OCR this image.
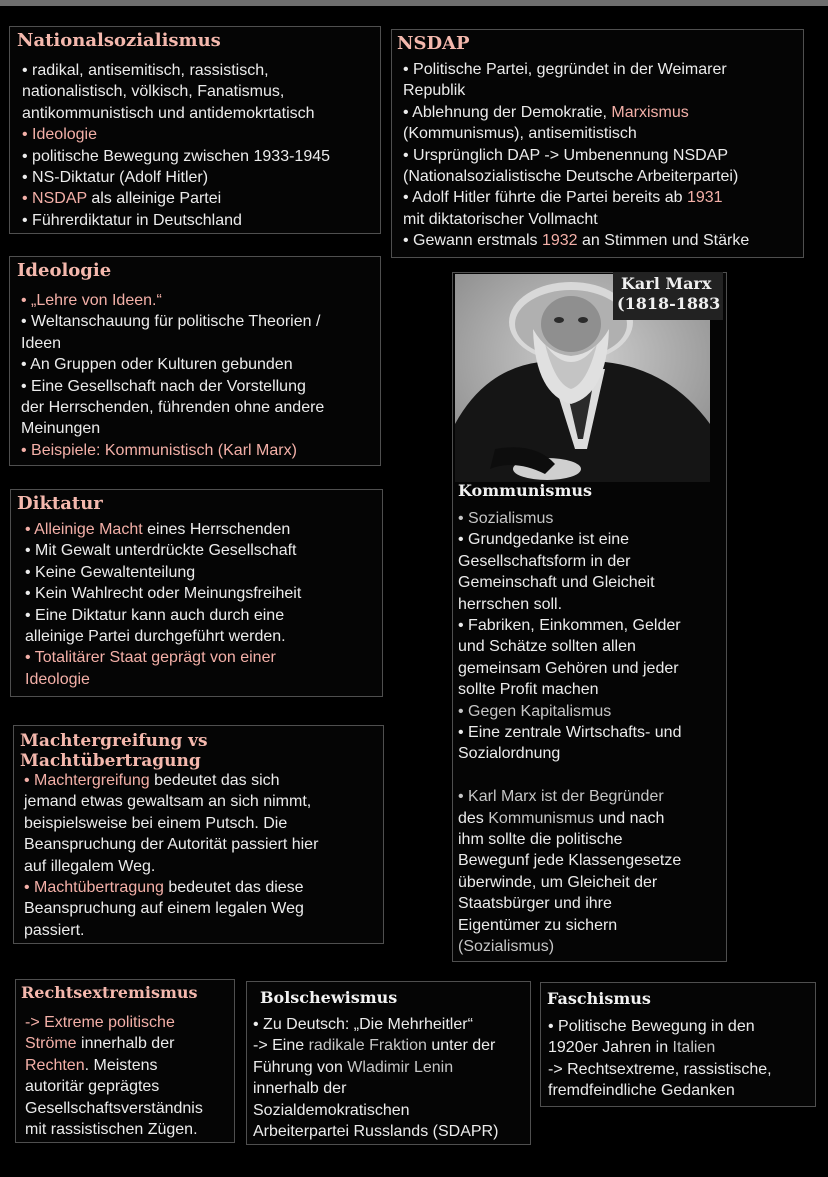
Nationalsozialismus
• radikal, antisemitisch, rassistisch,
nationalistisch, völkisch, Fanatismus,
antikommunistisch und antidemokrtatisch
• Ideologie
• politische Bewegung zwischen 1933-1945
• NS-Diktatur (Adolf Hitler)
• NSDAP als alleinige Partei
• Führerdiktatur in Deutschland
NSDAP
• Politische Partei, gegründet in der Weimarer
Republik
• Ablehnung der Demokratie, Marxismus
(Kommunismus), antisemitistisch
• Ursprünglich DAP -> Umbenennung NSDAP
(Nationalsozialistische Deutsche Arbeiterpartei)
• Adolf Hitler führte die Partei bereits ab 1931
mit diktatorischer Vollmacht
• Gewann erstmals 1932 an Stimmen und Stärke
Ideologie
• „Lehre von Ideen.“
• Weltanschauung für politische Theorien /
Ideen
• An Gruppen oder Kulturen gebunden
• Eine Gesellschaft nach der Vorstellung
der Herrschenden, führenden ohne andere
Meinungen
• Beispiele: Kommunistisch (Karl Marx)
Karl Marx
(1818-1883
Kommunismus
• Sozialismus
• Grundgedanke ist eine
Gesellschaftsform in der
Gemeinschaft und Gleicheit
herrschen soll.
• Fabriken, Einkommen, Gelder
und Schätze sollten allen
gemeinsam Gehören und jeder
sollte Profit machen
• Gegen Kapitalismus
• Eine zentrale Wirtschafts- und
Sozialordnung
• Karl Marx ist der Begründer
des Kommunismus und nach
ihm sollte die politische
Bewegunf jede Klassengesetze
überwinde, um Gleicheit der
Staatsbürger und ihre
Eigentümer zu sichern
(Sozialismus)
Diktatur
• Alleinige Macht eines Herrschenden
• Mit Gewalt unterdrückte Gesellschaft
• Keine Gewaltenteilung
• Kein Wahlrecht oder Meinungsfreiheit
• Eine Diktatur kann auch durch eine
alleinige Partei durchgeführt werden.
• Totalitärer Staat geprägt von einer
Ideologie
Machtergreifung vs Machtübertragung
• Machtergreifung bedeutet das sich
jemand etwas gewaltsam an sich nimmt,
beispielsweise bei einem Putsch. Die
Beanspruchung der Autorität passiert hier
auf illegalem Weg.
• Machtübertragung bedeutet das diese
Beanspruchung auf einem legalen Weg
passiert.
Rechtsextremismus
-> Extreme politische
Ströme innerhalb der
Rechten. Meistens
autoritär geprägtes
Gesellschaftsverständnis
mit rassistischen Zügen.
Bolschewismus
• Zu Deutsch: „Die Mehrheitler“
-> Eine radikale Fraktion unter der
Führung von Wladimir Lenin
innerhalb der
Sozialdemokratischen
Arbeiterpartei Russlands (SDAPR)
Faschismus
• Politische Bewegung in den
1920er Jahren in Italien
-> Rechtsextreme, rassistische,
fremdfeindliche Gedanken
